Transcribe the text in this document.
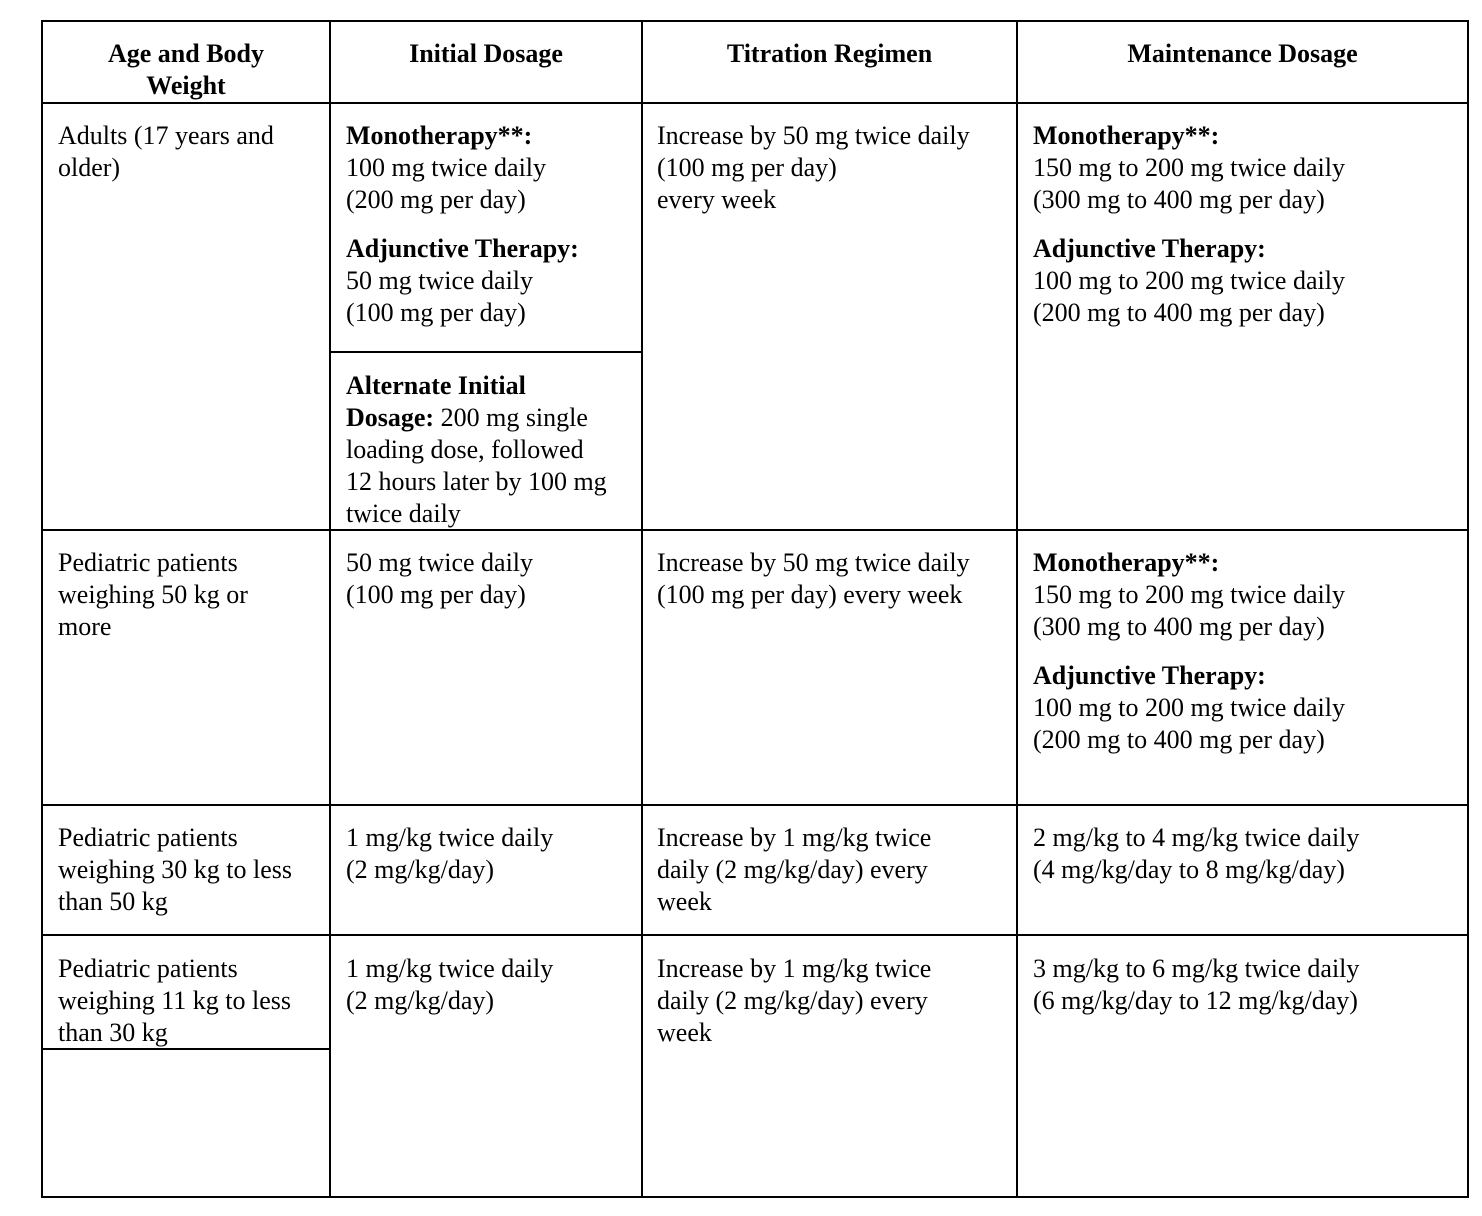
Age and Body
Weight
Initial Dosage	Titration Regimen	Maintenance Dosage
Adults (17 years and
older)
Monotherapy**:
100 mg twice daily
(200 mg per day)
Adjunctive Therapy:
50 mg twice daily
(100 mg per day)
Alternate Initial
Dosage: 200 mg single
loading dose, followed
12 hours later by 100 mg
twice daily
Increase by 50 mg twice daily
(100 mg per day)
every week
Monotherapy**:
150 mg to 200 mg twice daily
(300 mg to 400 mg per day)
Adjunctive Therapy:
100 mg to 200 mg twice daily
(200 mg to 400 mg per day)
Pediatric patients
weighing 50 kg or
more
50 mg twice daily
(100 mg per day)
Increase by 50 mg twice daily
(100 mg per day) every week
Monotherapy**:
150 mg to 200 mg twice daily
(300 mg to 400 mg per day)
Adjunctive Therapy:
100 mg to 200 mg twice daily
(200 mg to 400 mg per day)
Pediatric patients
weighing 30 kg to less
than 50 kg
1 mg/kg twice daily
(2 mg/kg/day)
Increase by 1 mg/kg twice
daily (2 mg/kg/day) every
week
2 mg/kg to 4 mg/kg twice daily
(4 mg/kg/day to 8 mg/kg/day)
Pediatric patients
weighing 11 kg to less
than 30 kg
1 mg/kg twice daily
(2 mg/kg/day)
Increase by 1 mg/kg twice
daily (2 mg/kg/day) every
week
3 mg/kg to 6 mg/kg twice daily
(6 mg/kg/day to 12 mg/kg/day)
